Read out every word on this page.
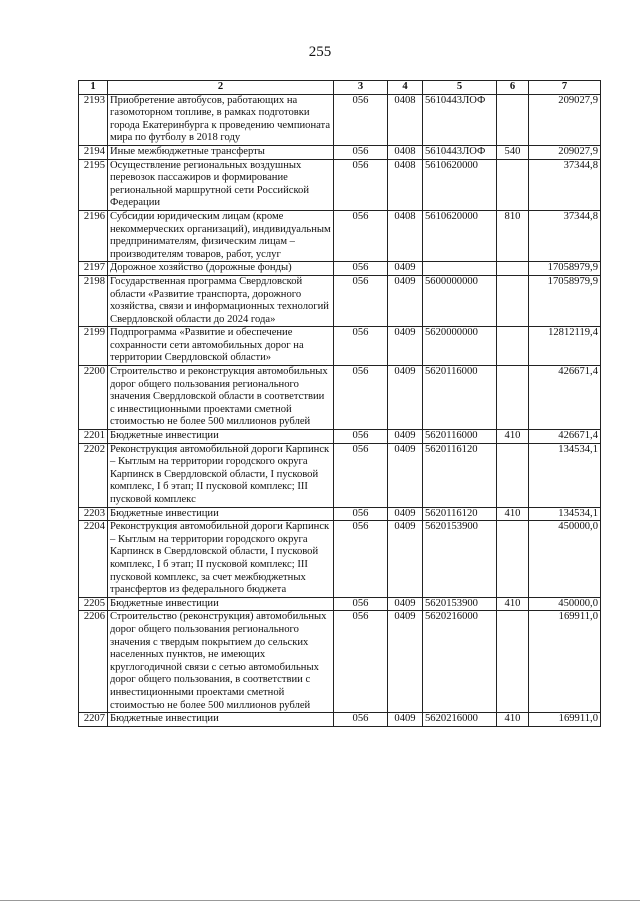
255
1	2	3	4	5	6	7
2193	Приобретение автобусов, работающих на газомоторном топливе, в рамках подготовки города Екатеринбурга к проведению чемпионата мира по футболу в 2018 году	056	0408	5610443ЛОФ		209027,9
2194	Иные межбюджетные трансферты	056	0408	5610443ЛОФ	540	209027,9
2195	Осуществление региональных воздушных перевозок пассажиров и формирование региональной маршрутной сети Российской Федерации	056	0408	5610620000		37344,8
2196	Субсидии юридическим лицам (кроме некоммерческих организаций), индивидуальным предпринимателям, физическим лицам – производителям товаров, работ, услуг	056	0408	5610620000	810	37344,8
2197	Дорожное хозяйство (дорожные фонды)	056	0409			17058979,9
2198	Государственная программа Свердловской области «Развитие транспорта, дорожного хозяйства, связи и информационных технологий Свердловской области до 2024 года»	056	0409	5600000000		17058979,9
2199	Подпрограмма «Развитие и обеспечение сохранности сети автомобильных дорог на территории Свердловской области»	056	0409	5620000000		12812119,4
2200	Строительство и реконструкция автомобильных дорог общего пользования регионального значения Свердловской области в соответствии с инвестиционными проектами сметной стоимостью не более 500 миллионов рублей	056	0409	5620116000		426671,4
2201	Бюджетные инвестиции	056	0409	5620116000	410	426671,4
2202	Реконструкция автомобильной дороги Карпинск – Кытлым на территории городского округа Карпинск в Свердловской области, I пусковой комплекс, I б этап; II пусковой комплекс; III пусковой комплекс	056	0409	5620116120		134534,1
2203	Бюджетные инвестиции	056	0409	5620116120	410	134534,1
2204	Реконструкция автомобильной дороги Карпинск – Кытлым на территории городского округа Карпинск в Свердловской области, I пусковой комплекс, I б этап; II пусковой комплекс; III пусковой комплекс, за счет межбюджетных трансфертов из федерального бюджета	056	0409	5620153900		450000,0
2205	Бюджетные инвестиции	056	0409	5620153900	410	450000,0
2206	Строительство (реконструкция) автомобильных дорог общего пользования регионального значения с твердым покрытием до сельских населенных пунктов, не имеющих круглогодичной связи с сетью автомобильных дорог общего пользования, в соответствии с инвестиционными проектами сметной стоимостью не более 500 миллионов рублей	056	0409	5620216000		169911,0
2207	Бюджетные инвестиции	056	0409	5620216000	410	169911,0
